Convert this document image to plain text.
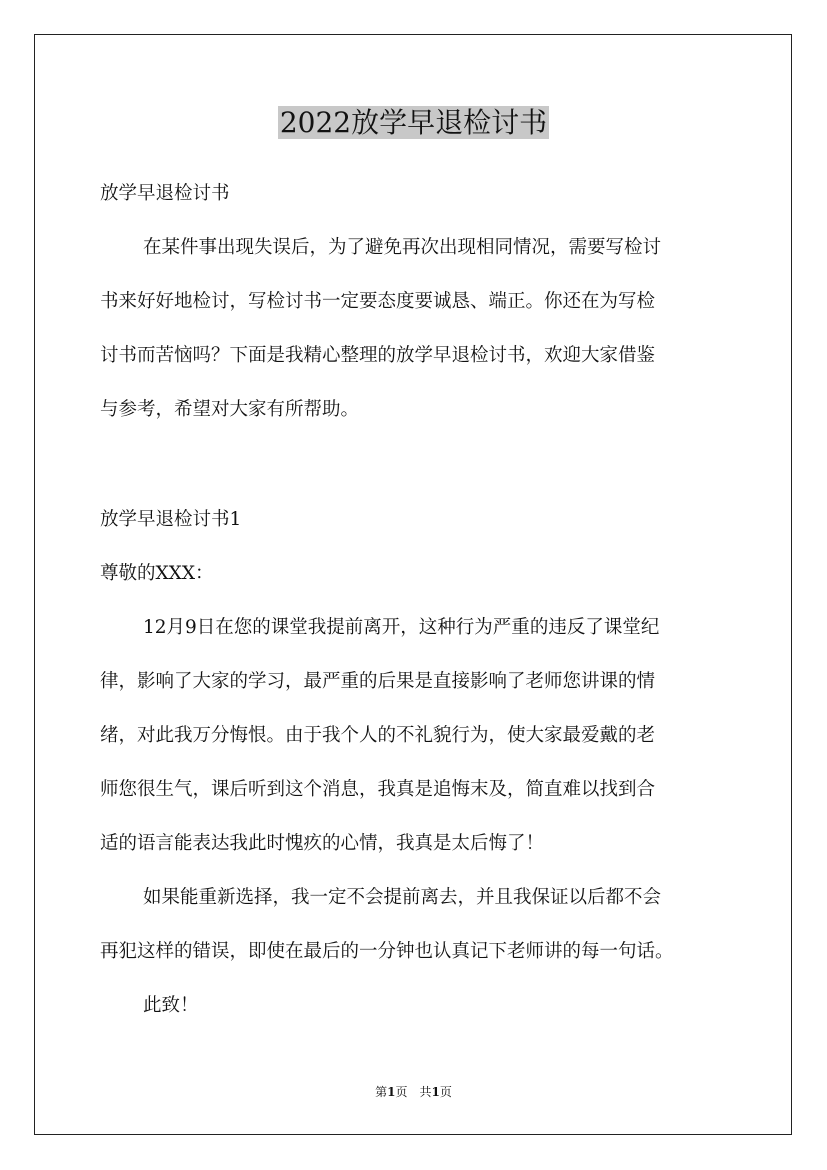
2022放学早退检讨书

放学早退检讨书

在某件事出现失误后，为了避免再次出现相同情况，需要写检讨

书来好好地检讨，写检讨书一定要态度要诚恳、端正。你还在为写检

讨书而苦恼吗？下面是我精心整理的放学早退检讨书，欢迎大家借鉴

与参考，希望对大家有所帮助。

放学早退检讨书1

尊敬的XXX：

12月9日在您的课堂我提前离开，这种行为严重的违反了课堂纪

律，影响了大家的学习，最严重的后果是直接影响了老师您讲课的情

绪，对此我万分悔恨。由于我个人的不礼貌行为，使大家最爱戴的老

师您很生气，课后听到这个消息，我真是追悔末及，简直难以找到合

适的语言能表达我此时愧疚的心情，我真是太后悔了！

如果能重新选择，我一定不会提前离去，并且我保证以后都不会

再犯这样的错误，即使在最后的一分钟也认真记下老师讲的每一句话。

此致！

第1页　共1页
